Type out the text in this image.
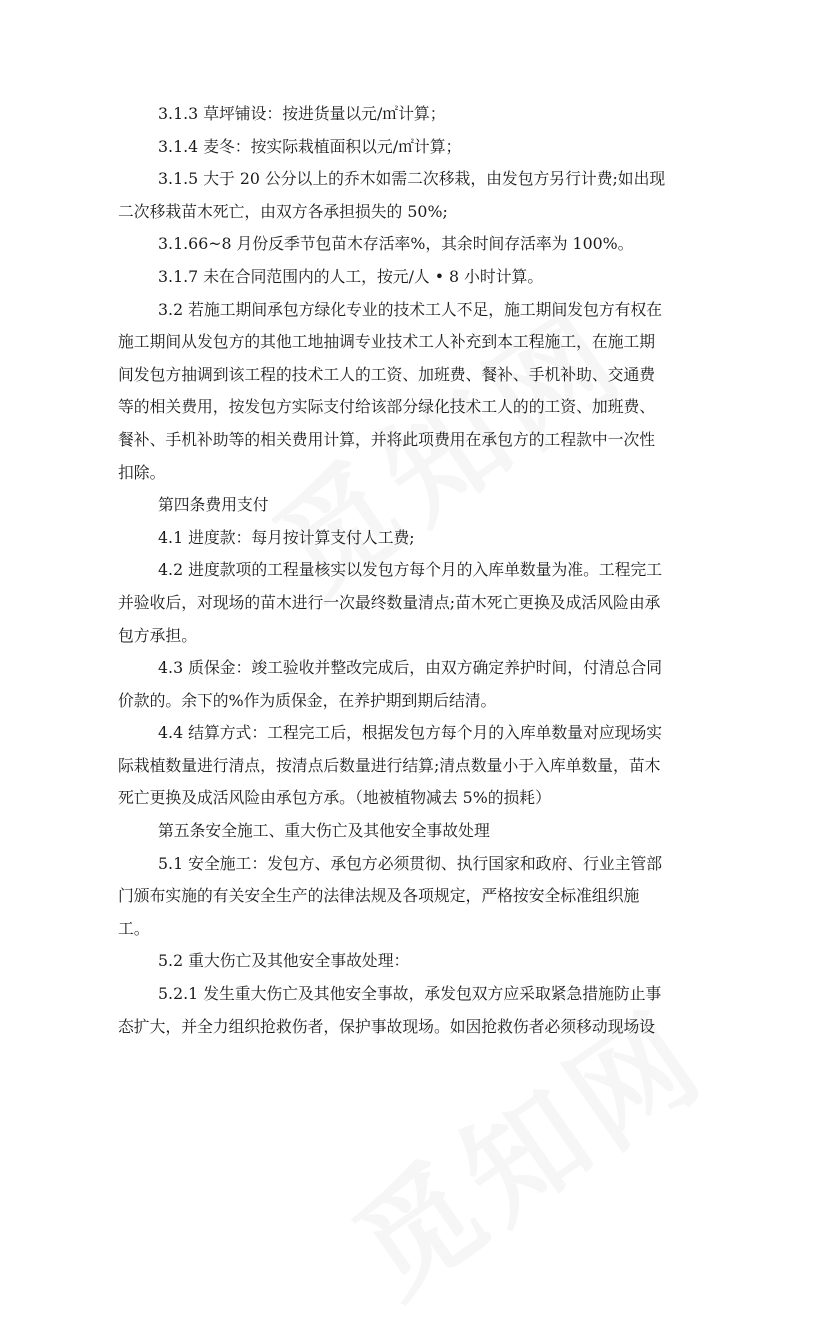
3.1.3 草坪铺设：按进货量以元/㎡计算；
3.1.4 麦冬：按实际栽植面积以元/㎡计算；
3.1.5 大于 20 公分以上的乔木如需二次移栽，由发包方另行计费;如出现
二次移栽苗木死亡，由双方各承担损失的 50%;
3.1.66~8 月份反季节包苗木存活率%，其余时间存活率为 100%。
3.1.7 未在合同范围内的人工，按元/人 • 8 小时计算。
3.2 若施工期间承包方绿化专业的技术工人不足，施工期间发包方有权在
施工期间从发包方的其他工地抽调专业技术工人补充到本工程施工，在施工期
间发包方抽调到该工程的技术工人的工资、加班费、餐补、手机补助、交通费
等的相关费用，按发包方实际支付给该部分绿化技术工人的的工资、加班费、
餐补、手机补助等的相关费用计算，并将此项费用在承包方的工程款中一次性
扣除。
第四条费用支付
4.1 进度款：每月按计算支付人工费;
4.2 进度款项的工程量核实以发包方每个月的入库单数量为准。工程完工
并验收后，对现场的苗木进行一次最终数量清点;苗木死亡更换及成活风险由承
包方承担。
4.3 质保金：竣工验收并整改完成后，由双方确定养护时间，付清总合同
价款的。余下的%作为质保金，在养护期到期后结清。
4.4 结算方式：工程完工后，根据发包方每个月的入库单数量对应现场实
际栽植数量进行清点，按清点后数量进行结算;清点数量小于入库单数量，苗木
死亡更换及成活风险由承包方承。（地被植物减去 5%的损耗）
第五条安全施工、重大伤亡及其他安全事故处理
5.1 安全施工：发包方、承包方必须贯彻、执行国家和政府、行业主管部
门颁布实施的有关安全生产的法律法规及各项规定，严格按安全标准组织施
工。
5.2 重大伤亡及其他安全事故处理：
5.2.1 发生重大伤亡及其他安全事故，承发包双方应采取紧急措施防止事
态扩大，并全力组织抢救伤者，保护事故现场。如因抢救伤者必须移动现场设
